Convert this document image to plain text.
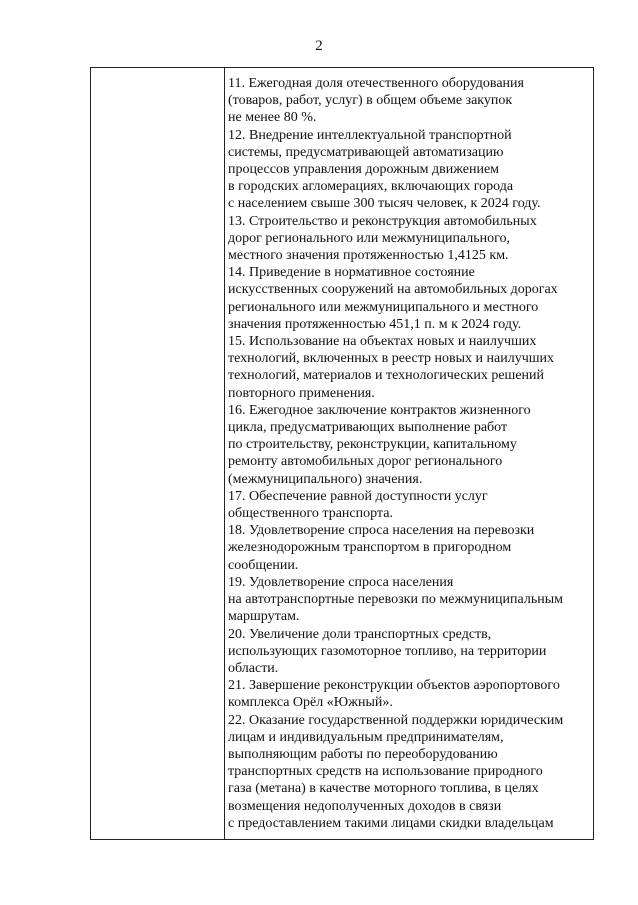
2
11. Ежегодная доля отечественного оборудования
(товаров, работ, услуг) в общем объеме закупок
не менее 80 %.
12. Внедрение интеллектуальной транспортной
системы, предусматривающей автоматизацию
процессов управления дорожным движением
в городских агломерациях, включающих города
с населением свыше 300 тысяч человек, к 2024 году.
13. Строительство и реконструкция автомобильных
дорог регионального или межмуниципального,
местного значения протяженностью 1,4125 км.
14. Приведение в нормативное состояние
искусственных сооружений на автомобильных дорогах
регионального или межмуниципального и местного
значения протяженностью 451,1 п. м к 2024 году.
15. Использование на объектах новых и наилучших
технологий, включенных в реестр новых и наилучших
технологий, материалов и технологических решений
повторного применения.
16. Ежегодное заключение контрактов жизненного
цикла, предусматривающих выполнение работ
по строительству, реконструкции, капитальному
ремонту автомобильных дорог регионального
(межмуниципального) значения.
17. Обеспечение равной доступности услуг
общественного транспорта.
18. Удовлетворение спроса населения на перевозки
железнодорожным транспортом в пригородном
сообщении.
19. Удовлетворение спроса населения
на автотранспортные перевозки по межмуниципальным
маршрутам.
20. Увеличение доли транспортных средств,
использующих газомоторное топливо, на территории
области.
21. Завершение реконструкции объектов аэропортового
комплекса Орёл «Южный».
22. Оказание государственной поддержки юридическим
лицам и индивидуальным предпринимателям,
выполняющим работы по переоборудованию
транспортных средств на использование природного
газа (метана) в качестве моторного топлива, в целях
возмещения недополученных доходов в связи
с предоставлением такими лицами скидки владельцам
